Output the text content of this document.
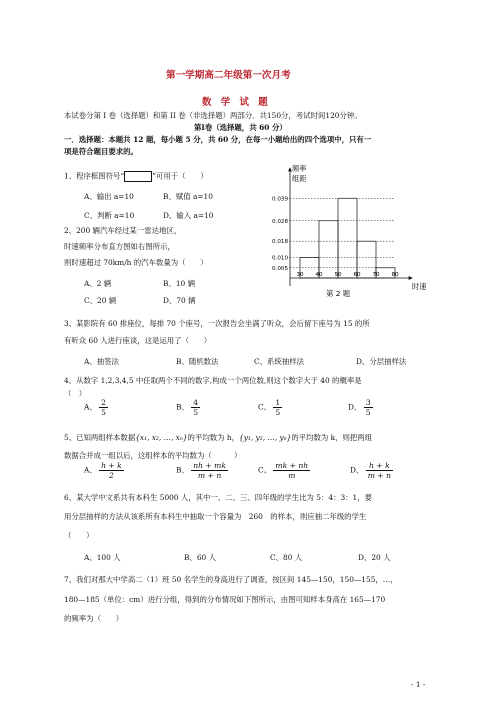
第一学期高二年级第一次月考
数　学　试　题
本试卷分第 I 卷（选择题）和第 II 卷（非选择题）两部分．共150分，考试时间120分钟。
第Ⅰ卷（选择题，共 60 分）
一．选择题：本题共 12 题，每小题 5 分，共 60 分，在每一小题给出的四个选项中，只有一
项是符合题目要求的。
1、程序框图符号“	”可用于（　　）
A、输出 a=10	B、赋值 a=10
C、判断 a=10	D、输入 a=10
2、200 辆汽车经过某一雷达地区，
时速频率分布直方图如右图所示，
则时速超过 70km/h 的汽车数量为（　　）
A、2 辆	B、10 辆
C、20 辆	D、70 辆
频率
组距
时速
第 2 题
0.039
0.028
0.018
0.010
0.005
30 40 50 60 70 80
3、某影院有 60 排座位，每排 70 个座号，一次报告会坐满了听众，会后留下座号为 15 的所
有听众 60 人进行座谈，这是运用了（　　）
A、抽签法	B、随机数法	C、系统抽样法	D、分层抽样法
4、从数字 1,2,3,4,5 中任取两个不同的数字,构成一个两位数,则这个数字大于 40 的概率是
（　）
A、 $\frac{2}{5}$	B、 $\frac{4}{5}$	C、 $\frac{1}{5}$	D、 $\frac{3}{5}$
5、已知两组样本数据{x₁, x₂, …, xₙ}的平均数为 h，{y₁, y₂, …, yₙ}的平均数为 k，则把两组
数据合并成一组以后，这组样本的平均数为（　　　）
A、 $\frac{h + k}{2}$	B、 $\frac{nh + mk}{m + n}$	C、 $\frac{mk + nh}{m}$	D、 $\frac{h + k}{m + n}$
6、某大学中文系共有本科生 5000 人，其中一、二、三、四年级的学生比为 5：4：3：1，要
用分层抽样的方法从该系所有本科生中抽取一个容量为　260　的样本，则应抽二年级的学生
（　　）
A、100 人	B、60 人	C、80 人	D、20 人
7、我们对那大中学高二（1）班 50 名学生的身高进行了调查，按区间 145—150，150—155，…，
180—185（单位：cm）进行分组，得到的分布情况如下图所示，由图可知样本身高在 165—170
的频率为（　　）
- 1 -
